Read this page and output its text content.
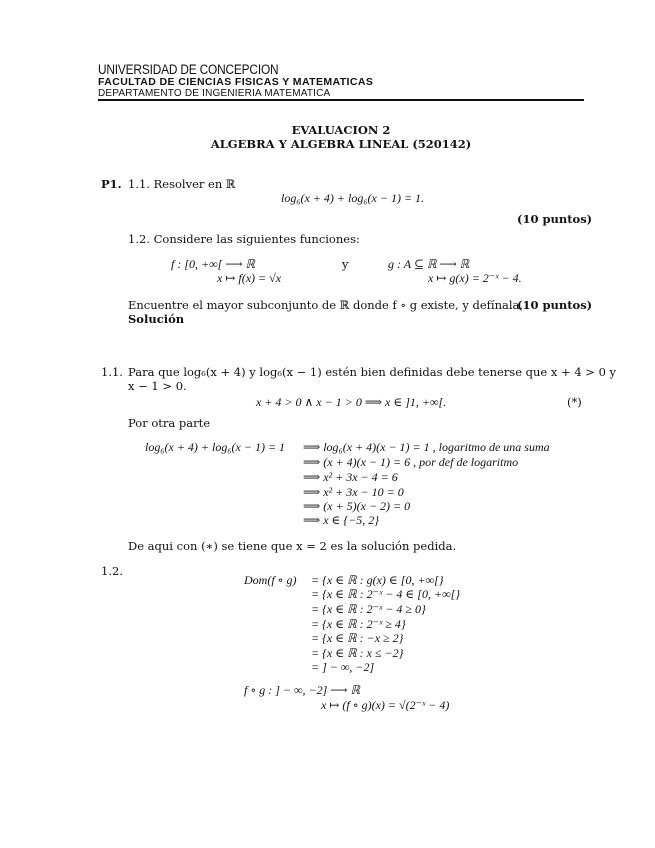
UNIVERSIDAD DE CONCEPCION
FACULTAD DE CIENCIAS FISICAS Y MATEMATICAS
DEPARTAMENTO DE INGENIERIA MATEMATICA
EVALUACION 2
ALGEBRA Y ALGEBRA LINEAL (520142)
P1. 1.1. Resolver en ℝ
log₆(x + 4) + log₆(x − 1) = 1.
(10 puntos)
1.2. Considere las siguientes funciones:
f : [0, +∞[ ⟶ ℝ
x ↦ f(x) = √x
y	g : A ⊆ ℝ ⟶ ℝ
x ↦ g(x) = 2⁻ˣ − 4.
Encuentre el mayor subconjunto de ℝ donde f ∘ g existe, y defínala.
(10 puntos)
Solución
1.1. Para que log₆(x + 4) y log₆(x − 1) estén bien definidas debe tenerse que x + 4 > 0 y
x − 1 > 0.
x + 4 > 0 ∧ x − 1 > 0 ⟹ x ∈ ]1, +∞[.	(*)
Por otra parte
log₆(x + 4) + log₆(x − 1) = 1 ⟹ log₆(x + 4)(x − 1) = 1 , logaritmo de una suma
⟹ (x + 4)(x − 1) = 6 , por def de logaritmo
⟹ x² + 3x − 4 = 6
⟹ x² + 3x − 10 = 0
⟹ (x + 5)(x − 2) = 0
⟹ x ∈ {−5, 2}
De aqui con (∗) se tiene que x = 2 es la solución pedida.
1.2.
Dom(f ∘ g) = {x ∈ ℝ : g(x) ∈ [0, +∞[}
= {x ∈ ℝ : 2⁻ˣ − 4 ∈ [0, +∞[}
= {x ∈ ℝ : 2⁻ˣ − 4 ≥ 0}
= {x ∈ ℝ : 2⁻ˣ ≥ 4}
= {x ∈ ℝ : −x ≥ 2}
= {x ∈ ℝ : x ≤ −2}
= ] − ∞, −2]
f ∘ g : ] − ∞, −2] ⟶ ℝ
x ↦ (f ∘ g)(x) = √(2⁻ˣ − 4)
